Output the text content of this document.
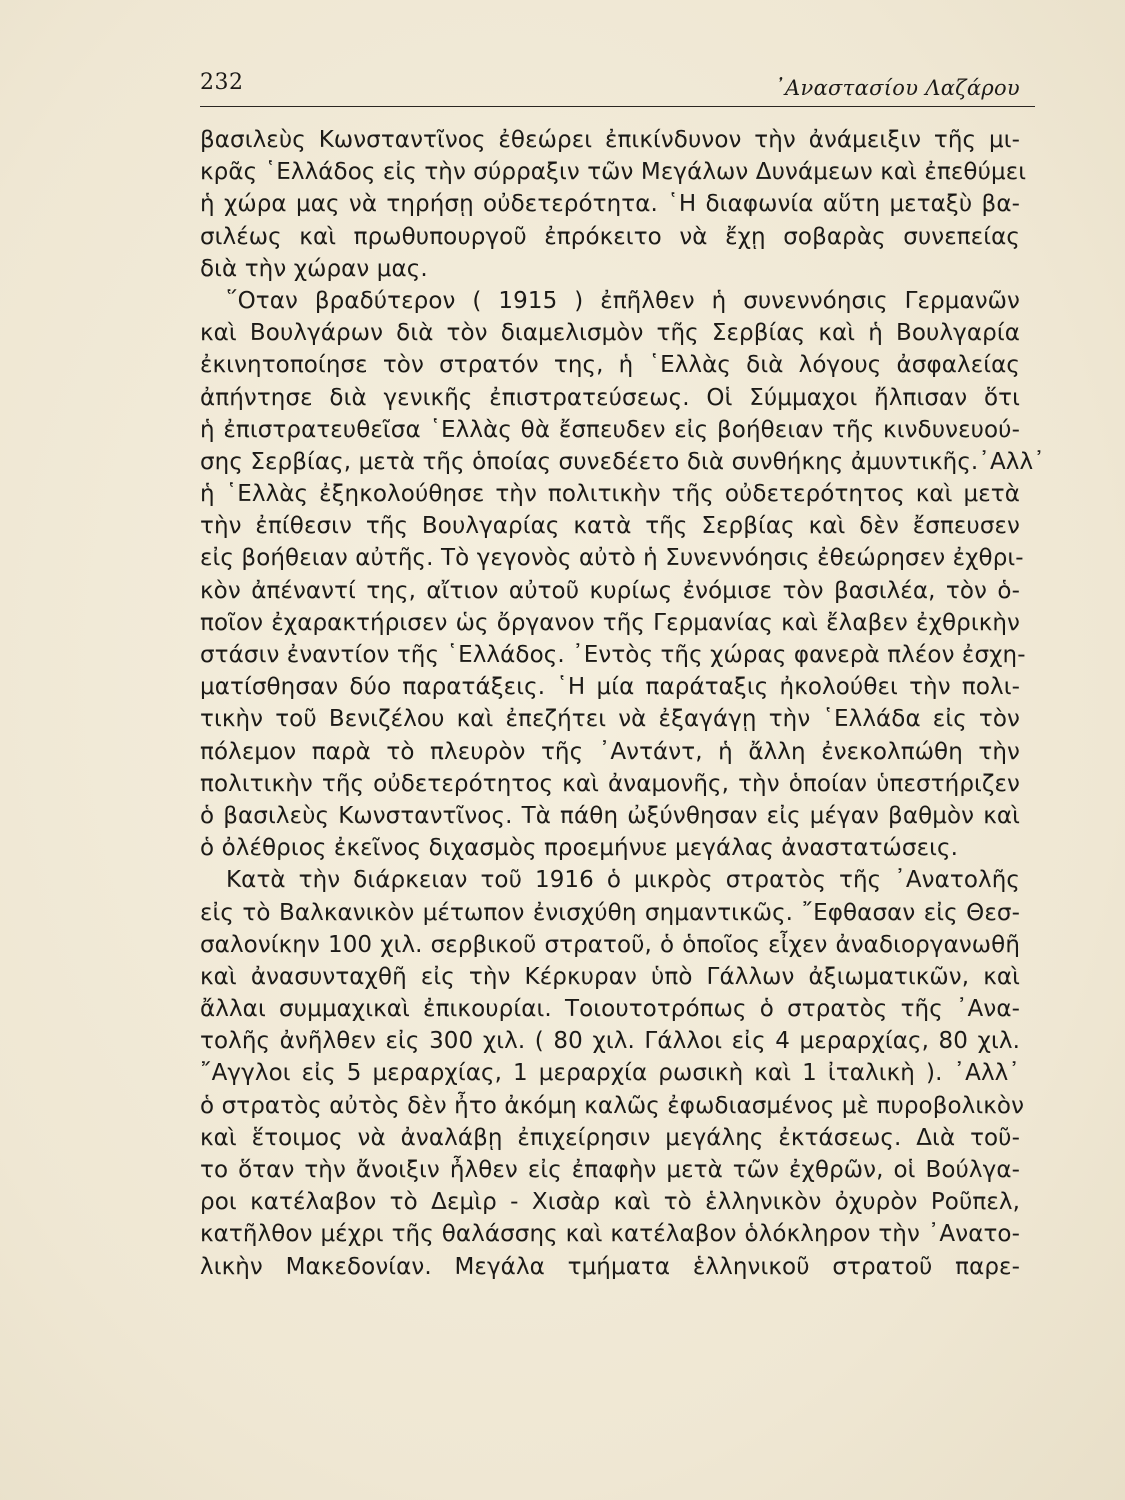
232	᾿Αναστασίου Λαζάρου
βασιλεὺς Κωνσταντῖνος ἐθεώρει ἐπικίνδυνον τὴν ἀνάμειξιν τῆς μι-
κρᾶς ῾Ελλάδος εἰς τὴν σύρραξιν τῶν Μεγάλων Δυνάμεων καὶ ἐπεθύμει
ἡ χώρα μας νὰ τηρήσῃ οὐδετερότητα. ῾Η διαφωνία αὕτη μεταξὺ βα-
σιλέως καὶ πρωθυπουργοῦ ἐπρόκειτο νὰ ἔχῃ σοβαρὰς συνεπείας
διὰ τὴν χώραν μας.
῞Οταν βραδύτερον ( 1915 ) ἐπῆλθεν ἡ συνεννόησις Γερμανῶν
καὶ Βουλγάρων διὰ τὸν διαμελισμὸν τῆς Σερβίας καὶ ἡ Βουλγαρία
ἐκινητοποίησε τὸν στρατόν της, ἡ ῾Ελλὰς διὰ λόγους ἀσφαλείας
ἀπήντησε διὰ γενικῆς ἐπιστρατεύσεως. Οἱ Σύμμαχοι ἤλπισαν ὅτι
ἡ ἐπιστρατευθεῖσα ῾Ελλὰς θὰ ἔσπευδεν εἰς βοήθειαν τῆς κινδυνευού-
σης Σερβίας, μετὰ τῆς ὁποίας συνεδέετο διὰ συνθήκης ἀμυντικῆς.᾿Αλλ᾿
ἡ ῾Ελλὰς ἐξηκολούθησε τὴν πολιτικὴν τῆς οὐδετερότητος καὶ μετὰ
τὴν ἐπίθεσιν τῆς Βουλγαρίας κατὰ τῆς Σερβίας καὶ δὲν ἔσπευσεν
εἰς βοήθειαν αὐτῆς. Τὸ γεγονὸς αὐτὸ ἡ Συνεννόησις ἐθεώρησεν ἐχθρι-
κὸν ἀπέναντί της, αἴτιον αὐτοῦ κυρίως ἐνόμισε τὸν βασιλέα, τὸν ὁ-
ποῖον ἐχαρακτήρισεν ὡς ὄργανον τῆς Γερμανίας καὶ ἔλαβεν ἐχθρικὴν
στάσιν ἐναντίον τῆς ῾Ελλάδος. ᾿Εντὸς τῆς χώρας φανερὰ πλέον ἐσχη-
ματίσθησαν δύο παρατάξεις. ῾Η μία παράταξις ἠκολούθει τὴν πολι-
τικὴν τοῦ Βενιζέλου καὶ ἐπεζήτει νὰ ἐξαγάγῃ τὴν ῾Ελλάδα εἰς τὸν
πόλεμον παρὰ τὸ πλευρὸν τῆς ᾿Αντάντ, ἡ ἄλλη ἐνεκολπώθη τὴν
πολιτικὴν τῆς οὐδετερότητος καὶ ἀναμονῆς, τὴν ὁποίαν ὑπεστήριζεν
ὁ βασιλεὺς Κωνσταντῖνος. Τὰ πάθη ὠξύνθησαν εἰς μέγαν βαθμὸν καὶ
ὁ ὀλέθριος ἐκεῖνος διχασμὸς προεμήνυε μεγάλας ἀναστατώσεις.
Κατὰ τὴν διάρκειαν τοῦ 1916 ὁ μικρὸς στρατὸς τῆς ᾿Ανατολῆς
εἰς τὸ Βαλκανικὸν μέτωπον ἐνισχύθη σημαντικῶς. ῎Εφθασαν εἰς Θεσ-
σαλονίκην 100 χιλ. σερβικοῦ στρατοῦ, ὁ ὁποῖος εἶχεν ἀναδιοργανωθῆ
καὶ ἀνασυνταχθῆ εἰς τὴν Κέρκυραν ὑπὸ Γάλλων ἀξιωματικῶν, καὶ
ἄλλαι συμμαχικαὶ ἐπικουρίαι. Τοιουτοτρόπως ὁ στρατὸς τῆς ᾿Ανα-
τολῆς ἀνῆλθεν εἰς 300 χιλ. ( 80 χιλ. Γάλλοι εἰς 4 μεραρχίας, 80 χιλ.
῎Αγγλοι εἰς 5 μεραρχίας, 1 μεραρχία ρωσικὴ καὶ 1 ἰταλικὴ ). ᾿Αλλ᾿
ὁ στρατὸς αὐτὸς δὲν ἦτο ἀκόμη καλῶς ἐφωδιασμένος μὲ πυροβολικὸν
καὶ ἕτοιμος νὰ ἀναλάβῃ ἐπιχείρησιν μεγάλης ἐκτάσεως. Διὰ τοῦ-
το ὅταν τὴν ἄνοιξιν ἦλθεν εἰς ἐπαφὴν μετὰ τῶν ἐχθρῶν, οἱ Βούλγα-
ροι κατέλαβον τὸ Δεμὶρ - Χισὰρ καὶ τὸ ἑλληνικὸν ὀχυρὸν Ροῦπελ,
κατῆλθον μέχρι τῆς θαλάσσης καὶ κατέλαβον ὁλόκληρον τὴν ᾿Ανατο-
λικὴν Μακεδονίαν. Μεγάλα τμήματα ἑλληνικοῦ στρατοῦ παρε-
